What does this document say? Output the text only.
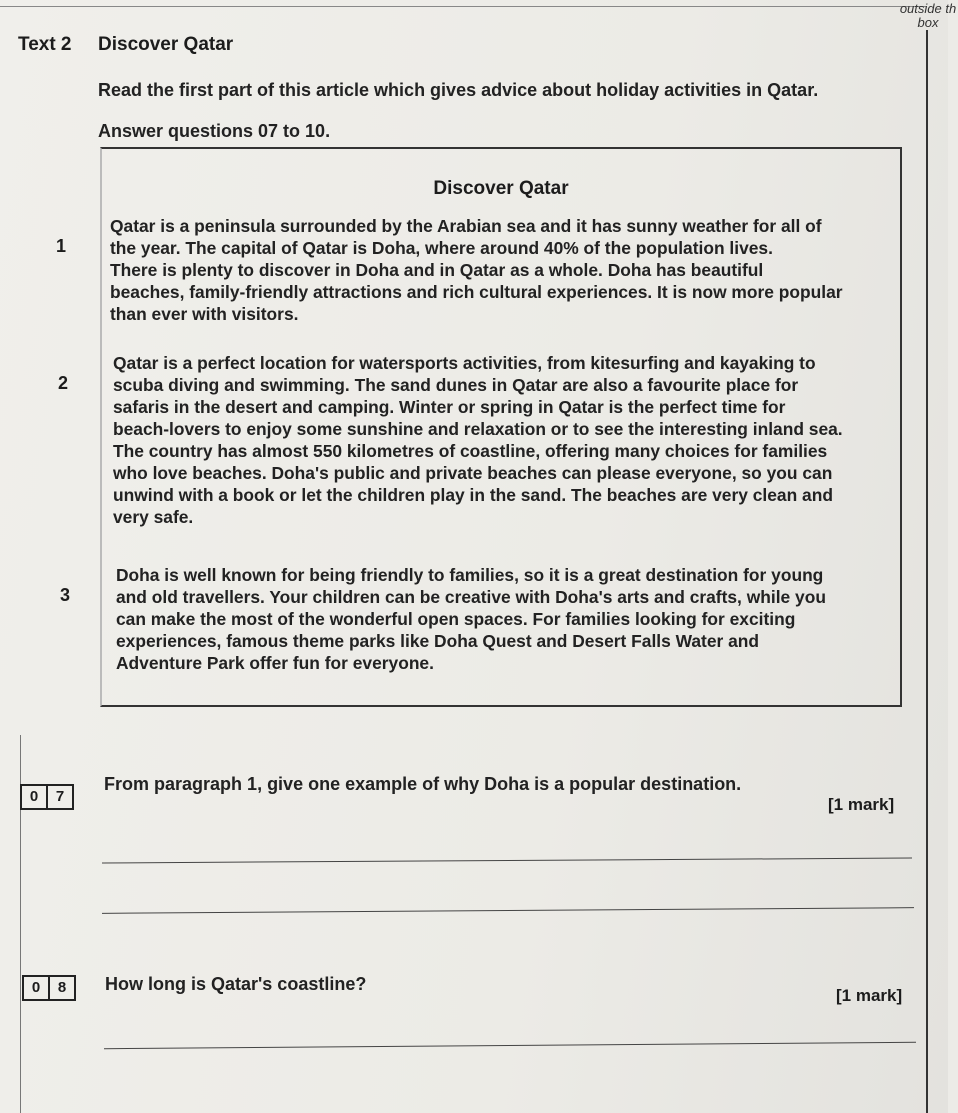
outside th
box
Text 2 Discover Qatar
Read the first part of this article which gives advice about holiday activities in Qatar.
Answer questions 07 to 10.
Discover Qatar
1
Qatar is a peninsula surrounded by the Arabian sea and it has sunny weather for all of
the year. The capital of Qatar is Doha, where around 40% of the population lives.
There is plenty to discover in Doha and in Qatar as a whole. Doha has beautiful
beaches, family-friendly attractions and rich cultural experiences. It is now more popular
than ever with visitors.
2
Qatar is a perfect location for watersports activities, from kitesurfing and kayaking to
scuba diving and swimming. The sand dunes in Qatar are also a favourite place for
safaris in the desert and camping. Winter or spring in Qatar is the perfect time for
beach-lovers to enjoy some sunshine and relaxation or to see the interesting inland sea.
The country has almost 550 kilometres of coastline, offering many choices for families
who love beaches. Doha's public and private beaches can please everyone, so you can
unwind with a book or let the children play in the sand. The beaches are very clean and
very safe.
3
Doha is well known for being friendly to families, so it is a great destination for young
and old travellers. Your children can be creative with Doha's arts and crafts, while you
can make the most of the wonderful open spaces. For families looking for exciting
experiences, famous theme parks like Doha Quest and Desert Falls Water and
Adventure Park offer fun for everyone.
0	7
From paragraph 1, give one example of why Doha is a popular destination.
[1 mark]
0	8	How long is Qatar's coastline?
[1 mark]
